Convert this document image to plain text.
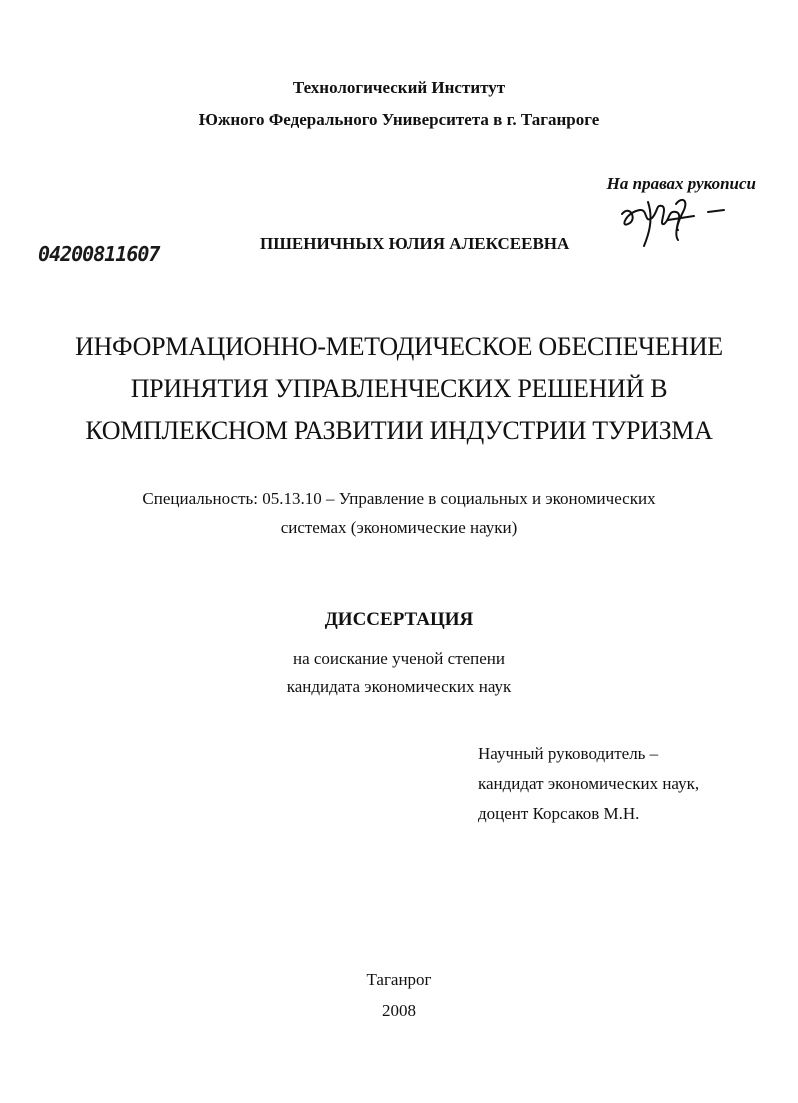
Технологический Институт
Южного Федерального Университета в г. Таганроге
На правах рукописи
04200811607	ПШЕНИЧНЫХ ЮЛИЯ АЛЕКСЕЕВНА
ИНФОРМАЦИОННО-МЕТОДИЧЕСКОЕ ОБЕСПЕЧЕНИЕ
ПРИНЯТИЯ УПРАВЛЕНЧЕСКИХ РЕШЕНИЙ В
КОМПЛЕКСНОМ РАЗВИТИИ ИНДУСТРИИ ТУРИЗМА
Специальность: 05.13.10 – Управление в социальных и экономических
системах (экономические науки)
ДИССЕРТАЦИЯ
на соискание ученой степени
кандидата экономических наук
Научный руководитель –
кандидат экономических наук,
доцент Корсаков М.Н.
Таганрог
2008
